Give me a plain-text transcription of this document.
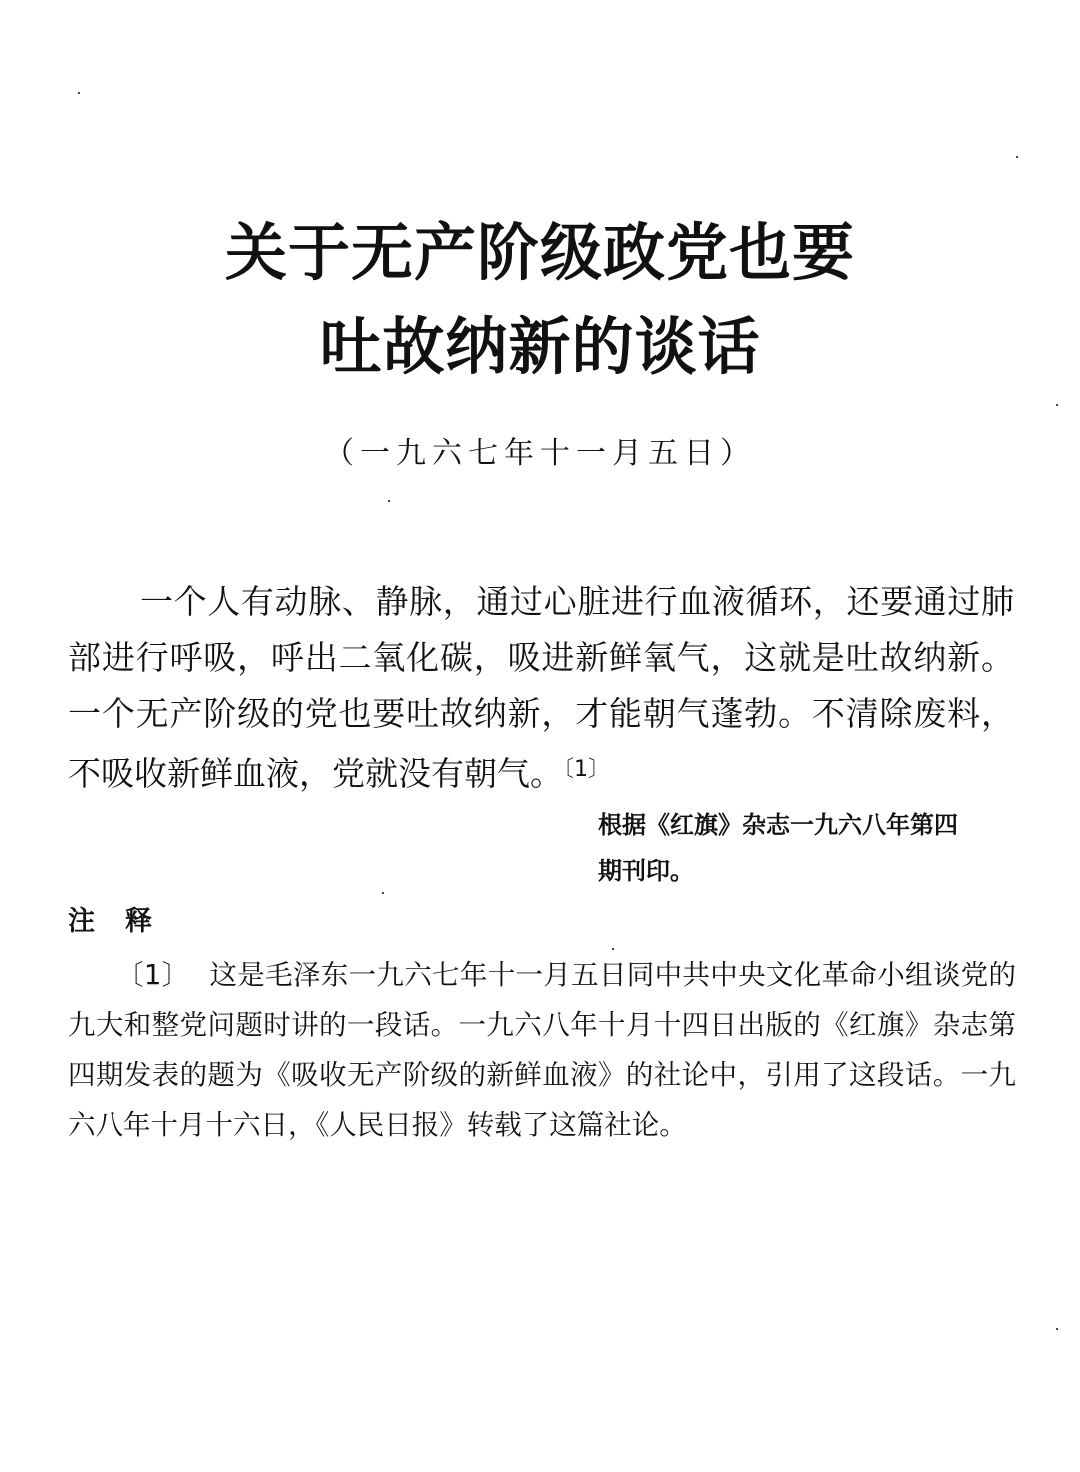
关于无产阶级政党也要
吐故纳新的谈话
（一九六七年十一月五日）

一个人有动脉、静脉，通过心脏进行血液循环，还要通过肺部进行呼吸，呼出二氧化碳，吸进新鲜氧气，这就是吐故纳新。一个无产阶级的党也要吐故纳新，才能朝气蓬勃。不清除废料，不吸收新鲜血液，党就没有朝气。$^{〔1〕}$

根据《红旗》杂志一九六八年第四
期刊印。
注释

〔1〕 这是毛泽东一九六七年十一月五日同中共中央文化革命小组谈党的九大和整党问题时讲的一段话。一九六八年十月十四日出版的《红旗》杂志第四期发表的题为《吸收无产阶级的新鲜血液》的社论中，引用了这段话。一九六八年十月十六日，《人民日报》转载了这篇社论。
